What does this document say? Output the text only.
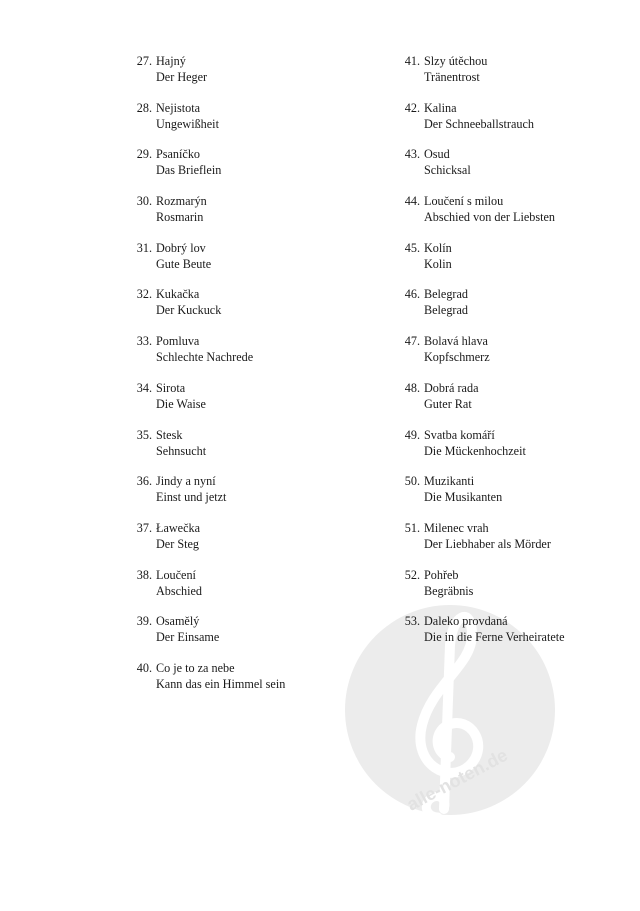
alle-noten.de
27. Hajný
Der Heger
28. Nejistota
Ungewißheit
29. Psaníčko
Das Brieflein
30. Rozmarýn
Rosmarin
31. Dobrý lov
Gute Beute
32. Kukačka
Der Kuckuck
33. Pomluva
Schlechte Nachrede
34. Sirota
Die Waise
35. Stesk
Sehnsucht
36. Jindy a nyní
Einst und jetzt
37. Ławečka
Der Steg
38. Loučení
Abschied
39. Osamělý
Der Einsame
40. Co je to za nebe
Kann das ein Himmel sein
41. Slzy útěchou
Tränentrost
42. Kalina
Der Schneeballstrauch
43. Osud
Schicksal
44. Loučení s milou
Abschied von der Liebsten
45. Kolín
Kolin
46. Belegrad
Belegrad
47. Bolavá hlava
Kopfschmerz
48. Dobrá rada
Guter Rat
49. Svatba komáří
Die Mückenhochzeit
50. Muzikanti
Die Musikanten
51. Milenec vrah
Der Liebhaber als Mörder
52. Pohřeb
Begräbnis
53. Daleko provdaná
Die in die Ferne Verheiratete
